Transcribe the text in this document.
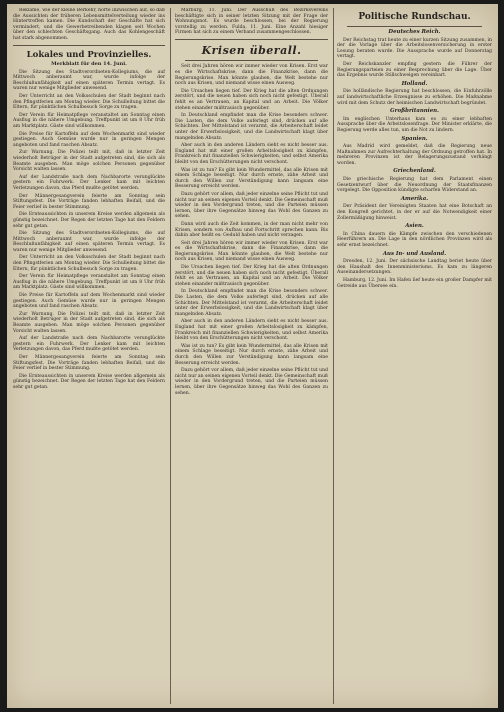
Reklame, wie der kleine Berkehr, hörte inzwischen auf, so daß die Aussichten der früheren Lebensmittelverteilung wieder ins Hintertreffen kamen. Die Kundschaft der Geschäfte hat sich vermindert, und die Gewerbetreibenden klagen seit Wochen über den schlechten Geschäftsgang. Auch das Kohlengeschäft hat stark abgenommen.

Lokales und Provinzielles.
Merkblatt für den 14. Juni.

Die Sitzung des Stadtverordneten-Kollegiums, die auf Mittwoch anberaumt war, wurde infolge der Beschlußunfähigkeit auf einen späteren Termin vertagt. Es waren nur wenige Mitglieder anwesend.

Der Unterricht an den Volksschulen der Stadt beginnt nach den Pfingstferien am Montag wieder. Die Schulleitung bittet die Eltern, für pünktlichen Schulbesuch Sorge zu tragen.

Der Verein für Heimatpflege veranstaltet am Sonntag einen Ausflug in die nähere Umgebung. Treffpunkt ist um 8 Uhr früh am Marktplatz. Gäste sind willkommen.

Die Preise für Kartoffeln auf dem Wochenmarkt sind wieder gestiegen. Auch Gemüse wurde nur in geringen Mengen angeboten und fand raschen Absatz.

Zur Warnung. Die Polizei teilt mit, daß in letzter Zeit wiederholt Betrüger in der Stadt aufgetreten sind, die sich als Beamte ausgeben. Man möge solchen Personen gegenüber Vorsicht walten lassen.

Auf der Landstraße nach dem Nachbarorte verunglückte gestern ein Fuhrwerk. Der Lenker kam mit leichten Verletzungen davon, das Pferd mußte getötet werden.

Der Männergesangverein feierte am Sonntag sein Stiftungsfest. Die Vorträge fanden lebhaften Beifall, und die Feier verlief in bester Stimmung.

Die Ernteaussichten in unserem Kreise werden allgemein als günstig bezeichnet. Der Regen der letzten Tage hat den Feldern sehr gut getan.

Die Sitzung des Stadtverordneten-Kollegiums, die auf Mittwoch anberaumt war, wurde infolge der Beschlußunfähigkeit auf einen späteren Termin vertagt. Es waren nur wenige Mitglieder anwesend.

Der Unterricht an den Volksschulen der Stadt beginnt nach den Pfingstferien am Montag wieder. Die Schulleitung bittet die Eltern, für pünktlichen Schulbesuch Sorge zu tragen.

Der Verein für Heimatpflege veranstaltet am Sonntag einen Ausflug in die nähere Umgebung. Treffpunkt ist um 8 Uhr früh am Marktplatz. Gäste sind willkommen.

Die Preise für Kartoffeln auf dem Wochenmarkt sind wieder gestiegen. Auch Gemüse wurde nur in geringen Mengen angeboten und fand raschen Absatz.

Zur Warnung. Die Polizei teilt mit, daß in letzter Zeit wiederholt Betrüger in der Stadt aufgetreten sind, die sich als Beamte ausgeben. Man möge solchen Personen gegenüber Vorsicht walten lassen.

Auf der Landstraße nach dem Nachbarorte verunglückte gestern ein Fuhrwerk. Der Lenker kam mit leichten Verletzungen davon, das Pferd mußte getötet werden.

Der Männergesangverein feierte am Sonntag sein Stiftungsfest. Die Vorträge fanden lebhaften Beifall, und die Feier verlief in bester Stimmung.

Die Ernteaussichten in unserem Kreise werden allgemein als günstig bezeichnet. Der Regen der letzten Tage hat den Feldern sehr gut getan.

Marburg, 11. Juni. Der Ausschuß des Bezirksvereins beschäftigte sich in seiner letzten Sitzung mit der Frage der Wohnungsnot. Es wurde beschlossen, bei der Regierung vorstellig zu werden. Fulda, 11. Juni. Eine Anzahl hiesiger Firmen hat sich zu einem Verband zusammengeschlossen.

Krisen überall.

Seit drei Jahren hören wir immer wieder von Krisen. Erst war es die Wirtschaftskrise, dann die Finanzkrise, dann die Regierungskrise. Man könnte glauben, die Welt bestehe nur noch aus Krisen, und niemand wisse einen Ausweg.

Die Ursachen liegen tief. Der Krieg hat die alten Ordnungen zerstört, und die neuen haben sich noch nicht gefestigt. Überall fehlt es an Vertrauen, an Kapital und an Arbeit. Die Völker stehen einander mißtrauisch gegenüber.

In Deutschland empfindet man die Krise besonders schwer. Die Lasten, die dem Volke auferlegt sind, drücken auf alle Schichten. Der Mittelstand ist verarmt, die Arbeiterschaft leidet unter der Erwerbslosigkeit, und die Landwirtschaft klagt über mangelnden Absatz.

Aber auch in den anderen Ländern sieht es nicht besser aus. England hat mit einer großen Arbeitslosigkeit zu kämpfen, Frankreich mit finanziellen Schwierigkeiten, und selbst Amerika bleibt von den Erschütterungen nicht verschont.

Was ist zu tun? Es gibt kein Wundermittel, das alle Krisen mit einem Schlage beseitigt. Nur durch ernste, zähe Arbeit und durch den Willen zur Verständigung kann langsam eine Besserung erreicht werden.

Dazu gehört vor allem, daß jeder einzelne seine Pflicht tut und nicht nur an seinen eigenen Vorteil denkt. Die Gemeinschaft muß wieder in den Vordergrund treten, und die Parteien müssen lernen, über ihre Gegensätze hinweg das Wohl des Ganzen zu sehen.

Dann wird auch die Zeit kommen, in der man nicht mehr von Krisen, sondern von Aufbau und Fortschritt sprechen kann. Bis dahin aber heißt es: Geduld haben und nicht verzagen.

Seit drei Jahren hören wir immer wieder von Krisen. Erst war es die Wirtschaftskrise, dann die Finanzkrise, dann die Regierungskrise. Man könnte glauben, die Welt bestehe nur noch aus Krisen, und niemand wisse einen Ausweg.

Die Ursachen liegen tief. Der Krieg hat die alten Ordnungen zerstört, und die neuen haben sich noch nicht gefestigt. Überall fehlt es an Vertrauen, an Kapital und an Arbeit. Die Völker stehen einander mißtrauisch gegenüber.

In Deutschland empfindet man die Krise besonders schwer. Die Lasten, die dem Volke auferlegt sind, drücken auf alle Schichten. Der Mittelstand ist verarmt, die Arbeiterschaft leidet unter der Erwerbslosigkeit, und die Landwirtschaft klagt über mangelnden Absatz.

Aber auch in den anderen Ländern sieht es nicht besser aus. England hat mit einer großen Arbeitslosigkeit zu kämpfen, Frankreich mit finanziellen Schwierigkeiten, und selbst Amerika bleibt von den Erschütterungen nicht verschont.

Was ist zu tun? Es gibt kein Wundermittel, das alle Krisen mit einem Schlage beseitigt. Nur durch ernste, zähe Arbeit und durch den Willen zur Verständigung kann langsam eine Besserung erreicht werden.

Dazu gehört vor allem, daß jeder einzelne seine Pflicht tut und nicht nur an seinen eigenen Vorteil denkt. Die Gemeinschaft muß wieder in den Vordergrund treten, und die Parteien müssen lernen, über ihre Gegensätze hinweg das Wohl des Ganzen zu sehen.

Politische Rundschau.
Deutsches Reich.

Der Reichstag trat heute zu einer kurzen Sitzung zusammen, in der die Vorlage über die Arbeitslosenversicherung in erster Lesung beraten wurde. Die Aussprache wurde auf Donnerstag vertagt.

Der Reichskanzler empfing gestern die Führer der Regierungsparteien zu einer Besprechung über die Lage. Über das Ergebnis wurde Stillschweigen vereinbart.

Holland.

Die holländische Regierung hat beschlossen, die Einfuhrzölle auf landwirtschaftliche Erzeugnisse zu erhöhen. Die Maßnahme wird mit dem Schutz der heimischen Landwirtschaft begründet.

Großbritannien.

Im englischen Unterhaus kam es zu einer lebhaften Aussprache über die Arbeitslosenfrage. Der Minister erklärte, die Regierung werde alles tun, um die Not zu lindern.

Spanien.

Aus Madrid wird gemeldet, daß die Regierung neue Maßnahmen zur Aufrechterhaltung der Ordnung getroffen hat. In mehreren Provinzen ist der Belagerungszustand verhängt worden.

Griechenland.

Die griechische Regierung hat dem Parlament einen Gesetzentwurf über die Neuordnung der Staatsfinanzen vorgelegt. Die Opposition kündigte scharfen Widerstand an.

Amerika.

Der Präsident der Vereinigten Staaten hat eine Botschaft an den Kongreß gerichtet, in der er auf die Notwendigkeit einer Zollermäßigung hinweist.

Asien.

In China dauern die Kämpfe zwischen den verschiedenen Heerführern an. Die Lage in den nördlichen Provinzen wird als sehr ernst bezeichnet.

Aus In- und Ausland.

Dresden, 12. Juni. Der sächsische Landtag beriet heute über den Haushalt des Innenministeriums. Es kam zu längeren Auseinandersetzungen.

Hamburg, 12. Juni. Im Hafen lief heute ein großer Dampfer mit Getreide aus Übersee ein.
